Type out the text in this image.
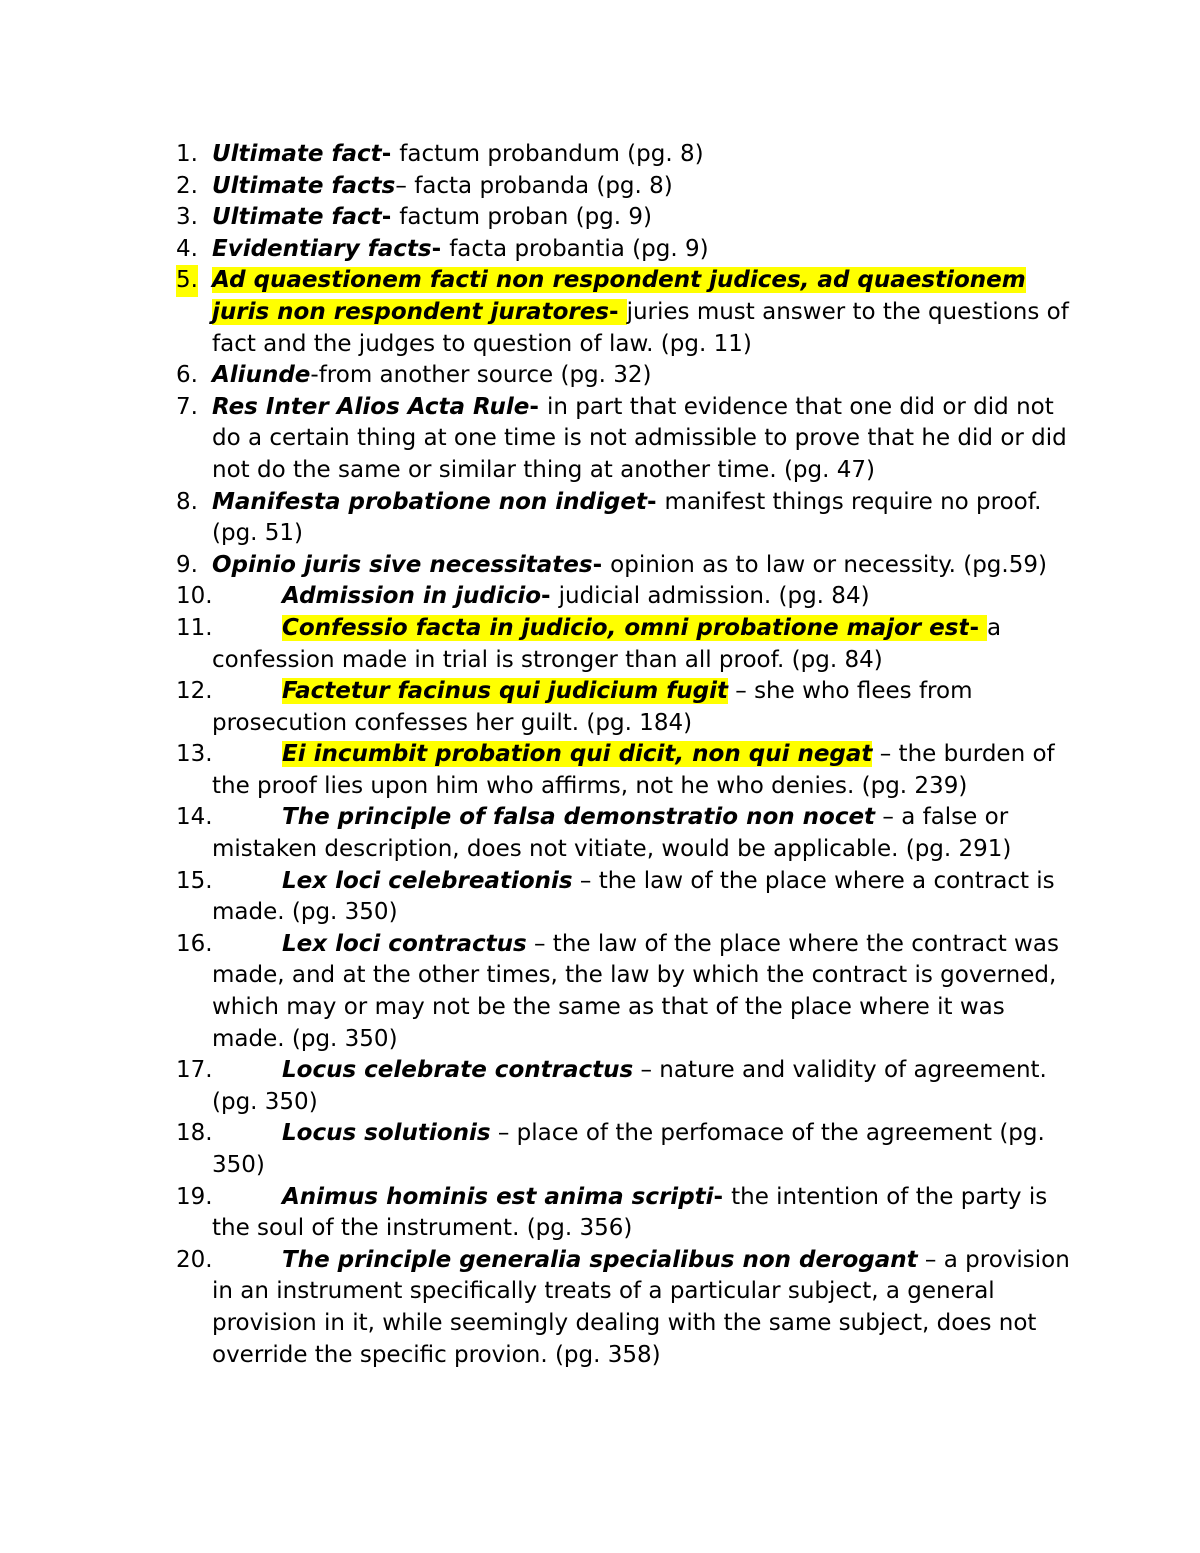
1. Ultimate fact- factum probandum (pg. 8)
2. Ultimate facts– facta probanda (pg. 8)
3. Ultimate fact- factum proban (pg. 9)
4. Evidentiary facts- facta probantia (pg. 9)
5. Ad quaestionem facti non respondent judices, ad quaestionem juris non respondent juratores- juries must answer to the questions of fact and the judges to question of law. (pg. 11)
6. Aliunde-from another source (pg. 32)
7. Res Inter Alios Acta Rule- in part that evidence that one did or did not do a certain thing at one time is not admissible to prove that he did or did not do the same or similar thing at another time. (pg. 47)
8. Manifesta probatione non indiget- manifest things require no proof. (pg. 51)
9. Opinio juris sive necessitates- opinion as to law or necessity. (pg.59)
10.	Admission in judicio- judicial admission. (pg. 84)
11.	Confessio facta in judicio, omni probatione major est- a confession made in trial is stronger than all proof. (pg. 84)
12.	Factetur facinus qui judicium fugit – she who flees from prosecution confesses her guilt. (pg. 184)
13.	Ei incumbit probation qui dicit, non qui negat – the burden of the proof lies upon him who affirms, not he who denies. (pg. 239)
14.	The principle of falsa demonstratio non nocet – a false or mistaken description, does not vitiate, would be applicable. (pg. 291)
15.	Lex loci celebreationis – the law of the place where a contract is made. (pg. 350)
16.	Lex loci contractus – the law of the place where the contract was made, and at the other times, the law by which the contract is governed, which may or may not be the same as that of the place where it was made. (pg. 350)
17.	Locus celebrate contractus – nature and validity of agreement. (pg. 350)
18.	Locus solutionis – place of the perfomace of the agreement (pg. 350)
19.	Animus hominis est anima scripti- the intention of the party is the soul of the instrument. (pg. 356)
20.	The principle generalia specialibus non derogant – a provision in an instrument specifically treats of a particular subject, a general provision in it, while seemingly dealing with the same subject, does not override the specific provion. (pg. 358)
